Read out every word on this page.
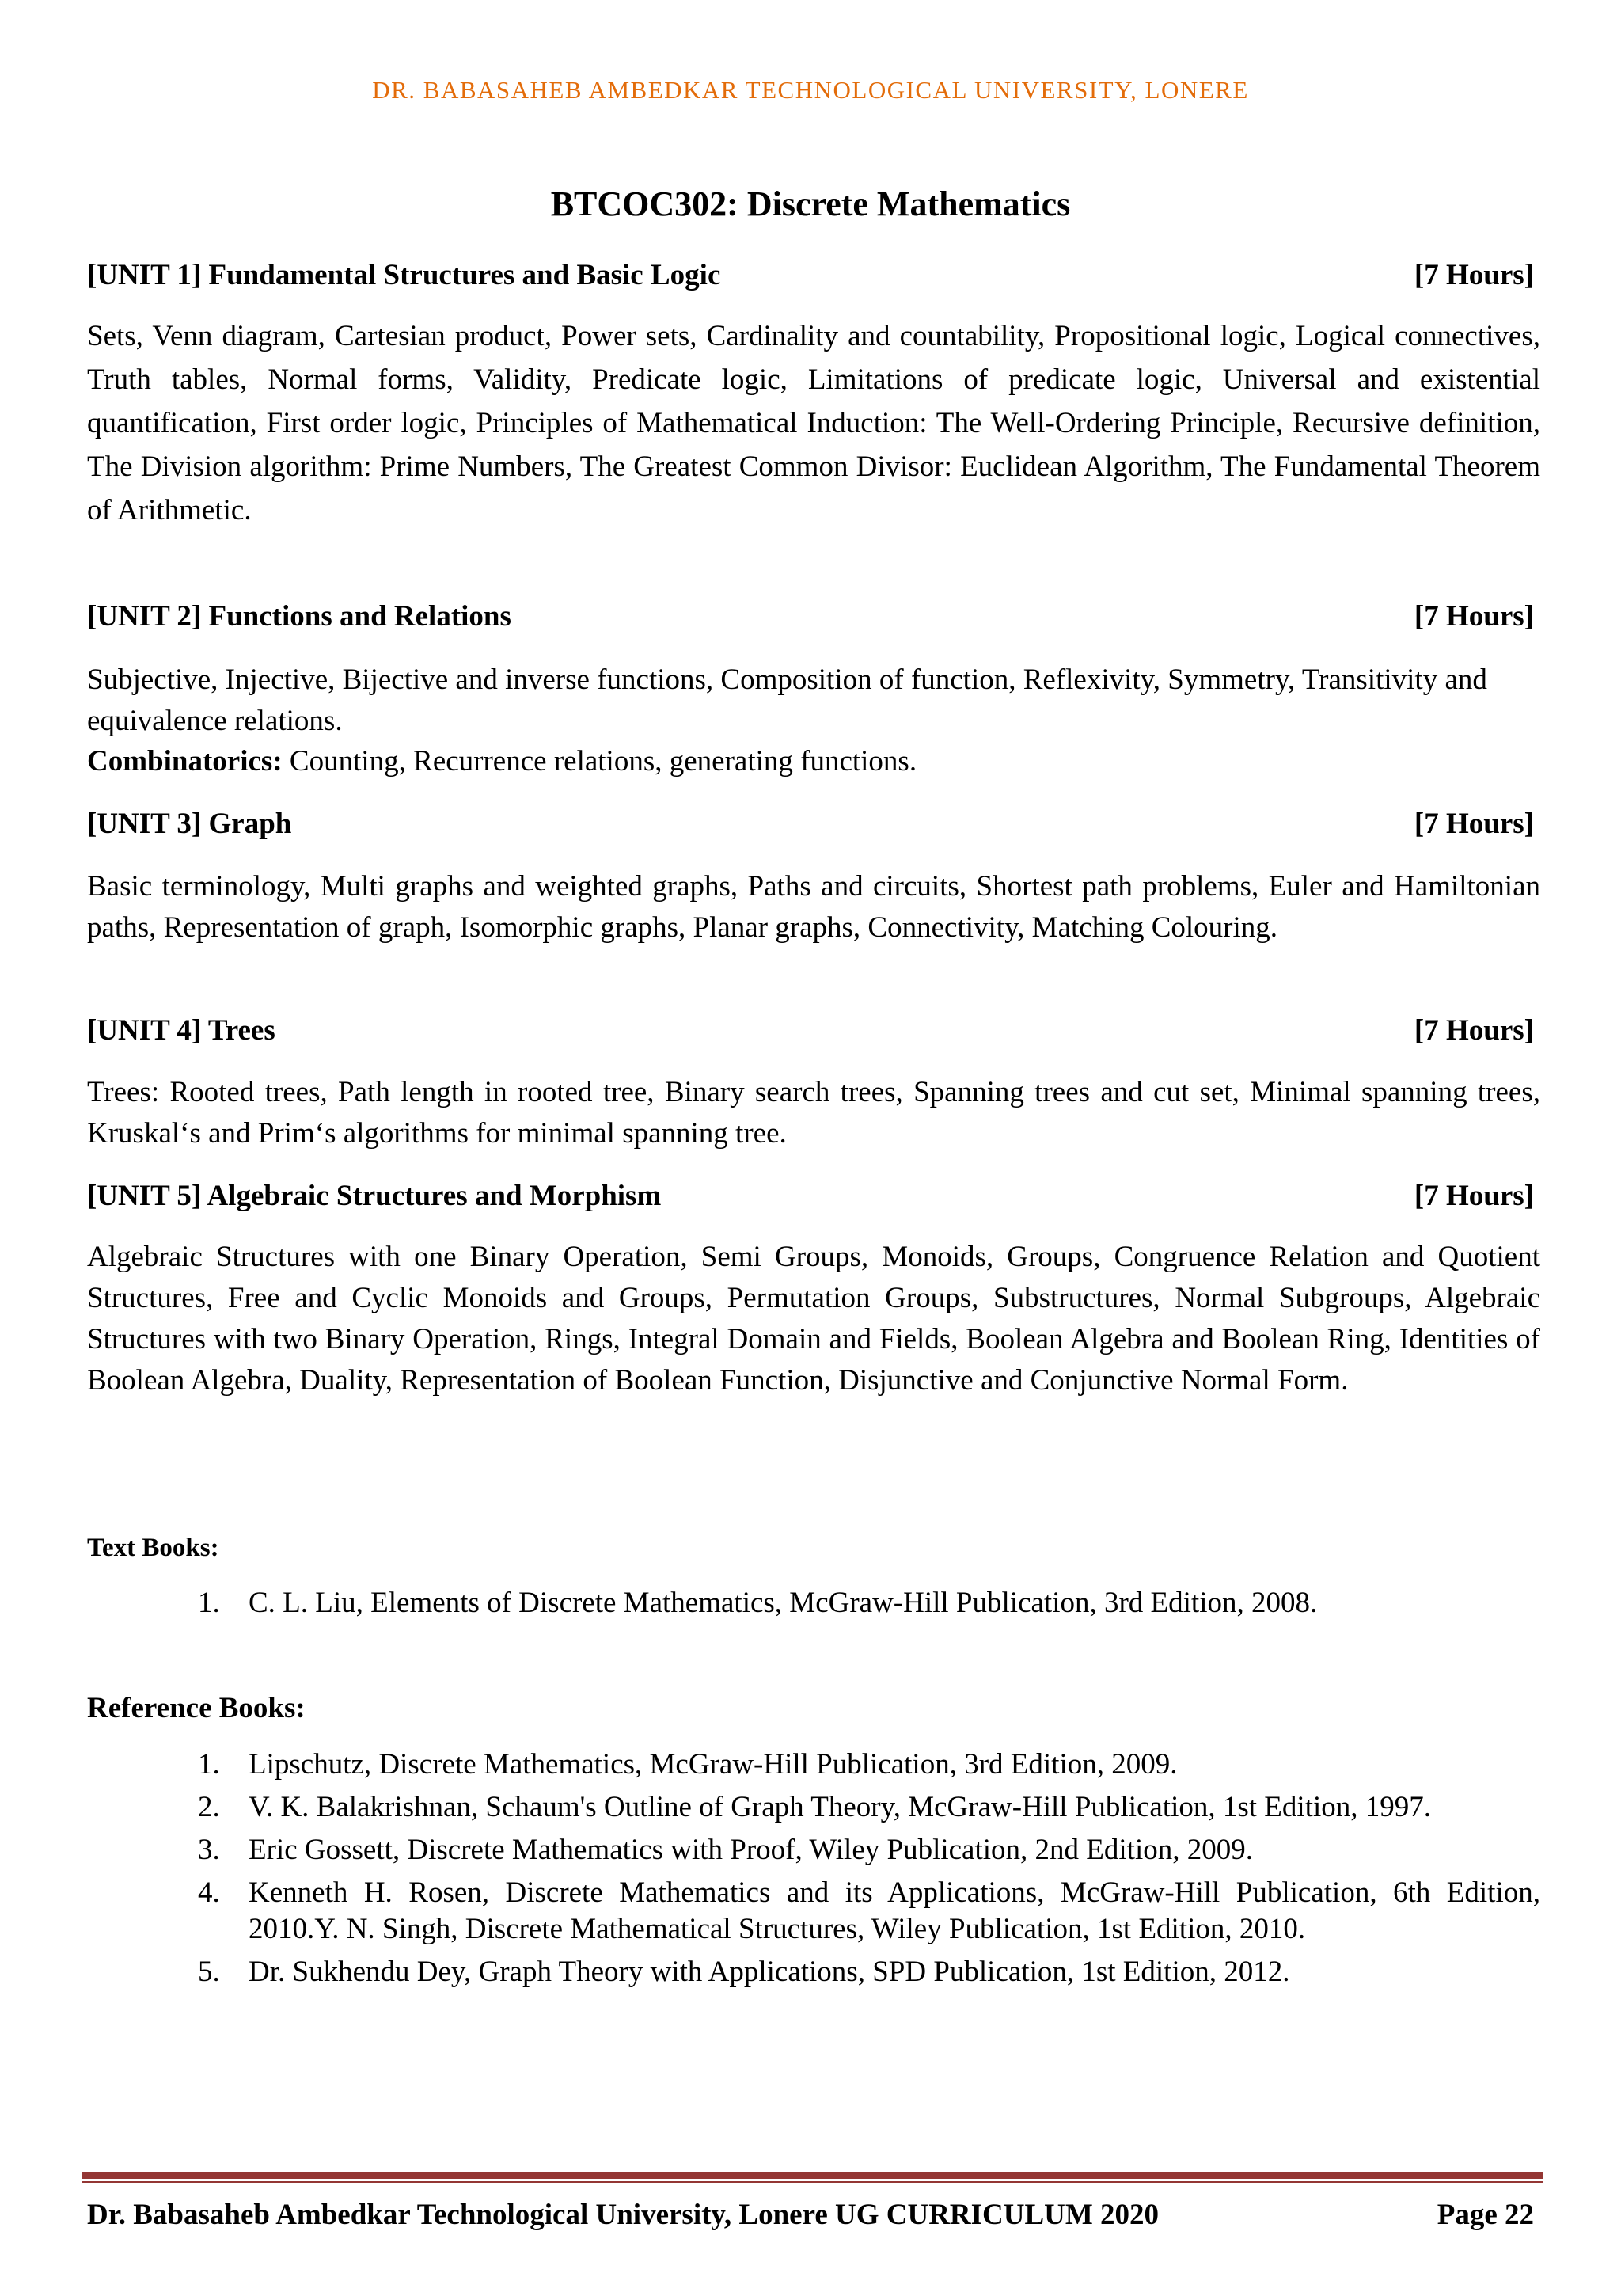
DR. BABASAHEB AMBEDKAR TECHNOLOGICAL UNIVERSITY, LONERE
BTCOC302: Discrete Mathematics
[UNIT 1] Fundamental Structures and Basic Logic	[7 Hours]

Sets, Venn diagram, Cartesian product, Power sets, Cardinality and countability, Propositional logic, Logical connectives, Truth tables, Normal forms, Validity, Predicate logic, Limitations of predicate logic, Universal and existential quantification, First order logic, Principles of Mathematical Induction: The Well-Ordering Principle, Recursive definition, The Division algorithm: Prime Numbers, The Greatest Common Divisor: Euclidean Algorithm, The Fundamental Theorem of Arithmetic.

[UNIT 2] Functions and Relations	[7 Hours]

Subjective, Injective, Bijective and inverse functions, Composition of function, Reflexivity, Symmetry, Transitivity and equivalence relations.

Combinatorics: Counting, Recurrence relations, generating functions.

[UNIT 3] Graph	[7 Hours]

Basic terminology, Multi graphs and weighted graphs, Paths and circuits, Shortest path problems, Euler and Hamiltonian paths, Representation of graph, Isomorphic graphs, Planar graphs, Connectivity, Matching Colouring.

[UNIT 4] Trees	[7 Hours]

Trees: Rooted trees, Path length in rooted tree, Binary search trees, Spanning trees and cut set, Minimal spanning trees, Kruskal‘s and Prim‘s algorithms for minimal spanning tree.

[UNIT 5] Algebraic Structures and Morphism	[7 Hours]

Algebraic Structures with one Binary Operation, Semi Groups, Monoids, Groups, Congruence Relation and Quotient Structures, Free and Cyclic Monoids and Groups, Permutation Groups, Substructures, Normal Subgroups, Algebraic Structures with two Binary Operation, Rings, Integral Domain and Fields, Boolean Algebra and Boolean Ring, Identities of Boolean Algebra, Duality, Representation of Boolean Function, Disjunctive and Conjunctive Normal Form.

Text Books:
1. C. L. Liu, Elements of Discrete Mathematics, McGraw-Hill Publication, 3rd Edition, 2008.
Reference Books:
1. Lipschutz, Discrete Mathematics, McGraw-Hill Publication, 3rd Edition, 2009.
2. V. K. Balakrishnan, Schaum's Outline of Graph Theory, McGraw-Hill Publication, 1st Edition, 1997.
3. Eric Gossett, Discrete Mathematics with Proof, Wiley Publication, 2nd Edition, 2009.
4. Kenneth H. Rosen, Discrete Mathematics and its Applications, McGraw-Hill Publication, 6th Edition, 2010.Y. N. Singh, Discrete Mathematical Structures, Wiley Publication, 1st Edition, 2010.
5. Dr. Sukhendu Dey, Graph Theory with Applications, SPD Publication, 1st Edition, 2012.
Dr. Babasaheb Ambedkar Technological University, Lonere UG CURRICULUM 2020	Page 22
